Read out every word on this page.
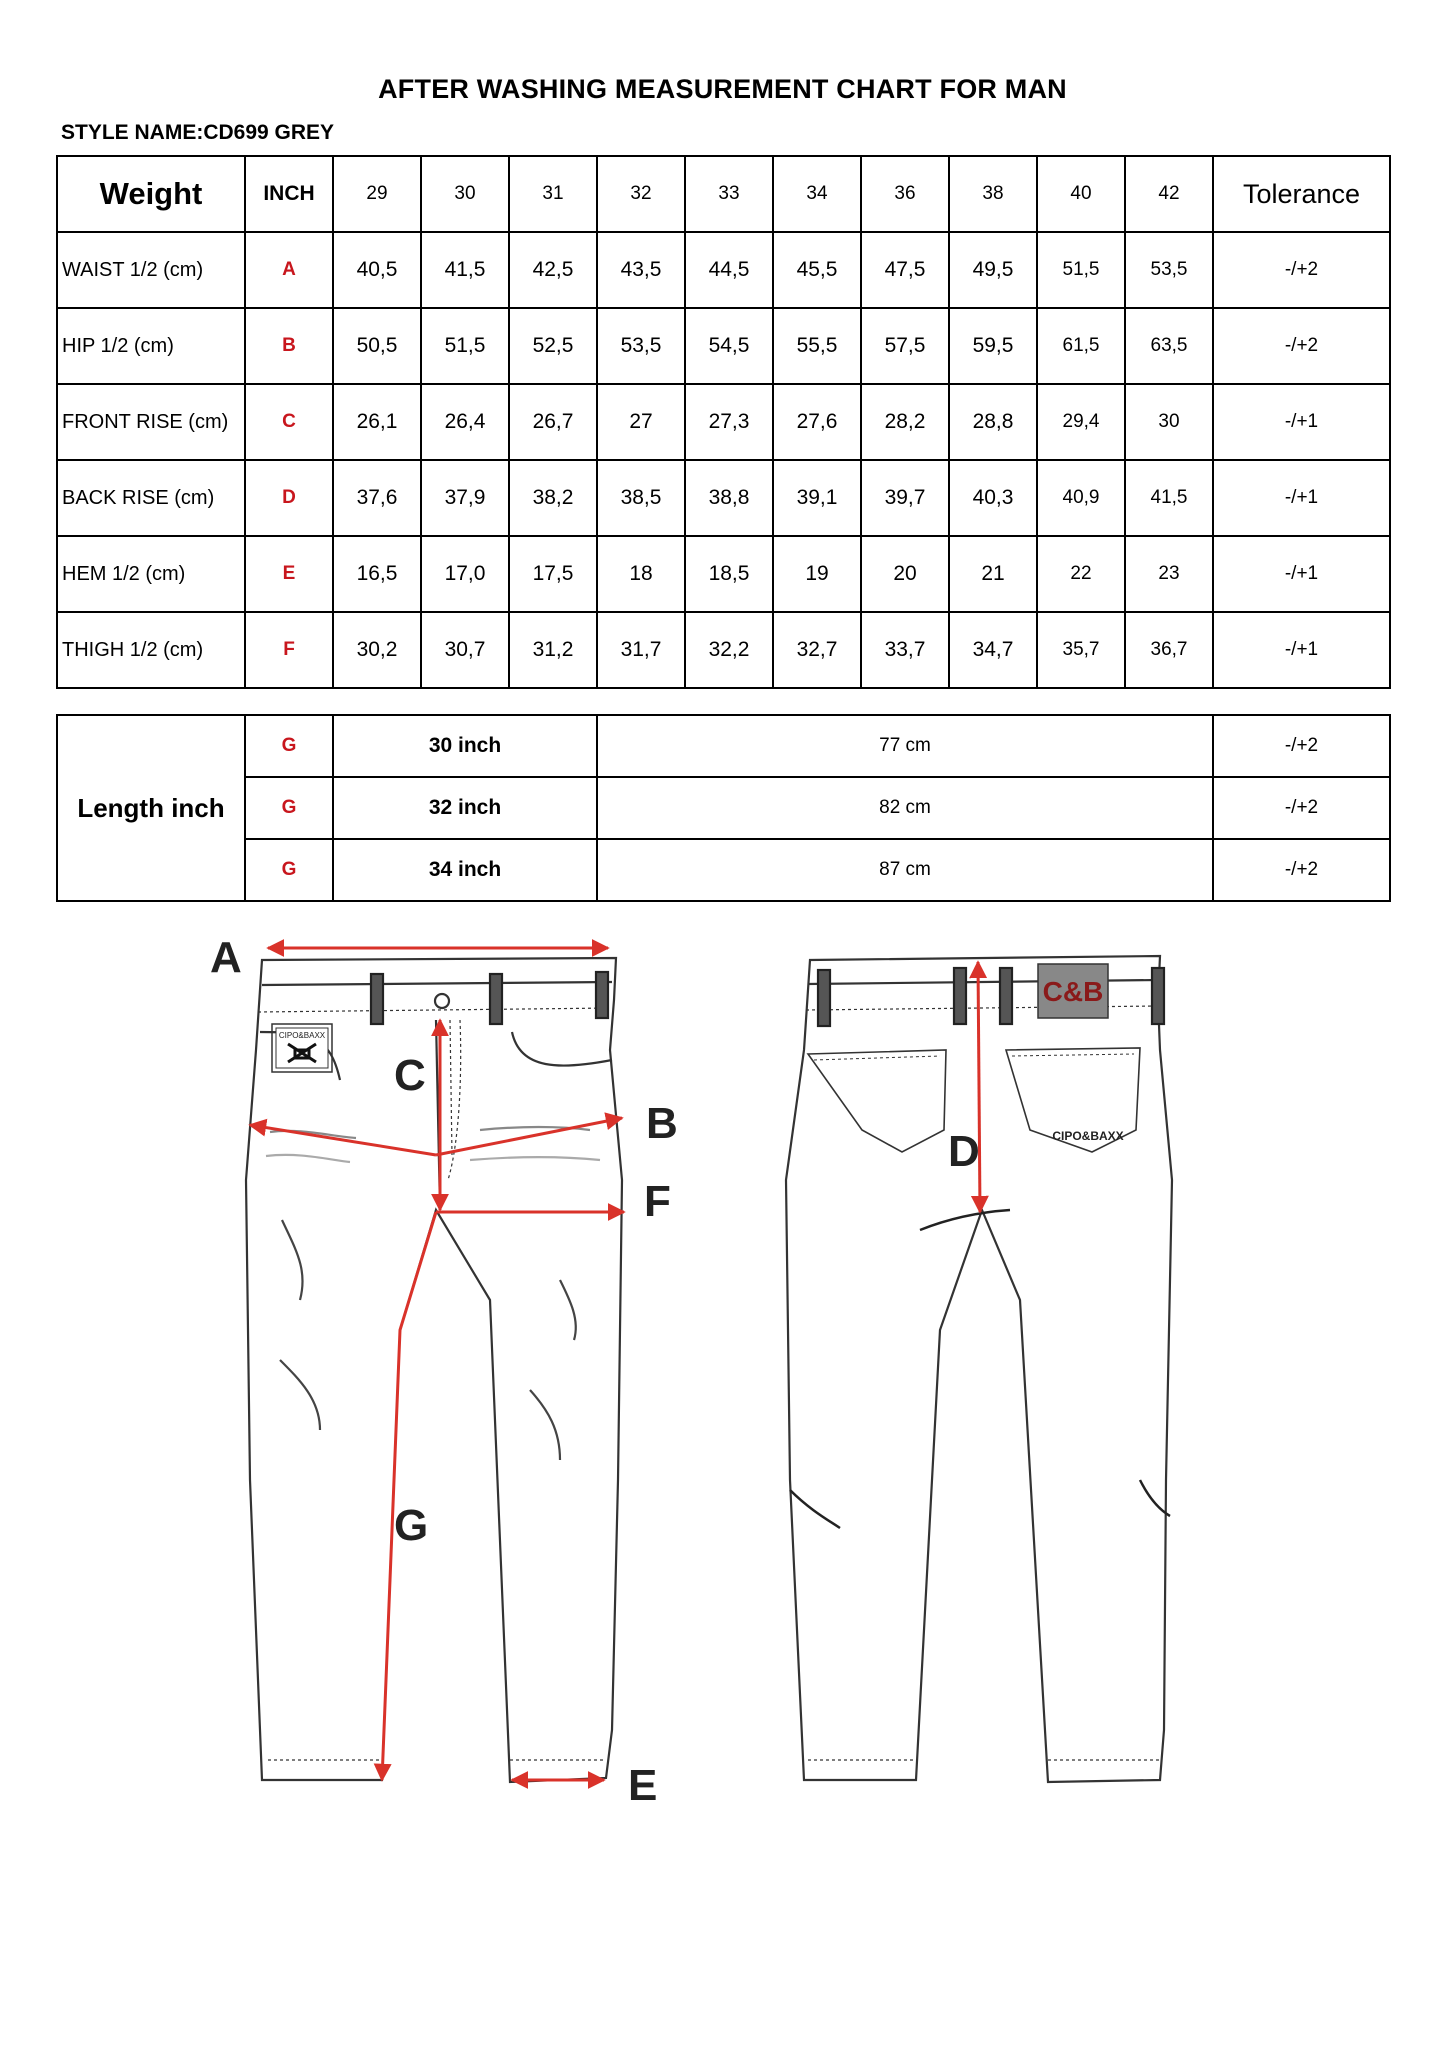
AFTER WASHING MEASUREMENT CHART FOR MAN
STYLE NAME:CD699 GREY
Weight	INCH	29	30	31	32	33	34	36	38	40	42	Tolerance
WAIST 1/2 (cm)	A	40,5	41,5	42,5	43,5	44,5	45,5	47,5	49,5	51,5	53,5	-/+2
HIP 1/2 (cm)	B	50,5	51,5	52,5	53,5	54,5	55,5	57,5	59,5	61,5	63,5	-/+2
FRONT RISE (cm)	C	26,1	26,4	26,7	27	27,3	27,6	28,2	28,8	29,4	30	-/+1
BACK RISE (cm)	D	37,6	37,9	38,2	38,5	38,8	39,1	39,7	40,3	40,9	41,5	-/+1
HEM 1/2 (cm)	E	16,5	17,0	17,5	18	18,5	19	20	21	22	23	-/+1
THIGH 1/2 (cm)	F	30,2	30,7	31,2	31,7	32,2	32,7	33,7	34,7	35,7	36,7	-/+1
Length inch	G	30 inch	77 cm	-/+2
	G	32 inch	82 cm	-/+2
	G	34 inch	87 cm	-/+2
CIPO&BAXX
A
B
C
F
G
E
C&B
CIPO&BAXX
D
